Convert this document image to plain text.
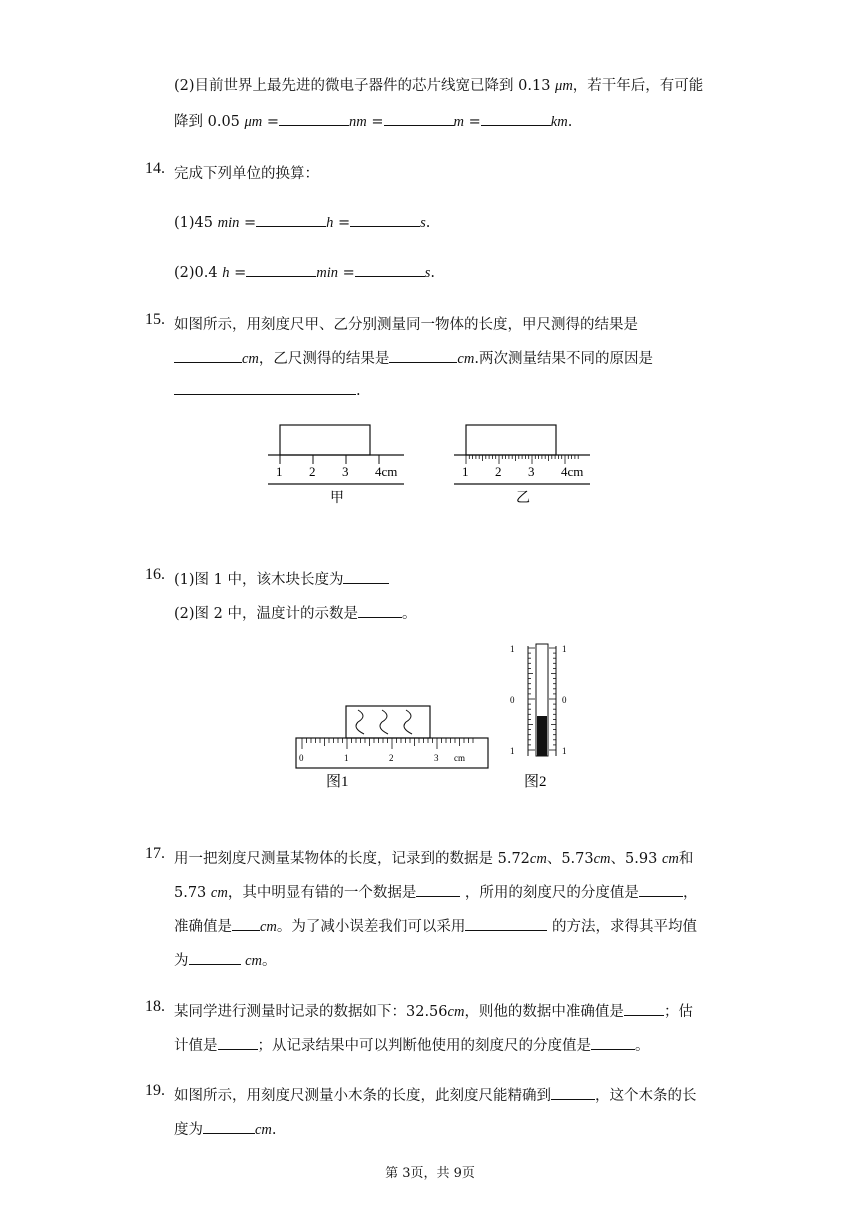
(2)目前世界上最先进的微电子器件的芯片线宽已降到 0.13 μm，若干年后，有可能
降到 0.05 μm =	nm =	m =	km.
14. 完成下列单位的换算：
(1)45 min =	h =	s.
(2)0.4 h =	min =	s.
15. 如图所示，用刻度尺甲、乙分别测量同一物体的长度，甲尺测得的结果是
cm，乙尺测得的结果是	cm.两次测量结果不同的原因是
.
1 2 3 4cm
甲
1 2 3 4cm
乙
16. (1)图 1 中，该木块长度为
(2)图 2 中，温度计的示数是	。
0	1	2	3 cm
图1
1
0
1
1
0
1
图2
17. 用一把刻度尺测量某物体的长度，记录到的数据是 5.72cm、5.73cm、5.93 cm和
5.73 cm，其中明显有错的一个数据是	，所用的刻度尺的分度值是	，
准确值是 cm。为了减小误差我们可以采用	的方法，求得其平均值
为	cm。
18. 某同学进行测量时记录的数据如下：32.56cm，则他的数据中准确值是	；估
计值是	；从记录结果中可以判断他使用的刻度尺的分度值是	。
19. 如图所示，用刻度尺测量小木条的长度，此刻度尺能精确到	，这个木条的长
度为	cm.
第 3页，共 9页
